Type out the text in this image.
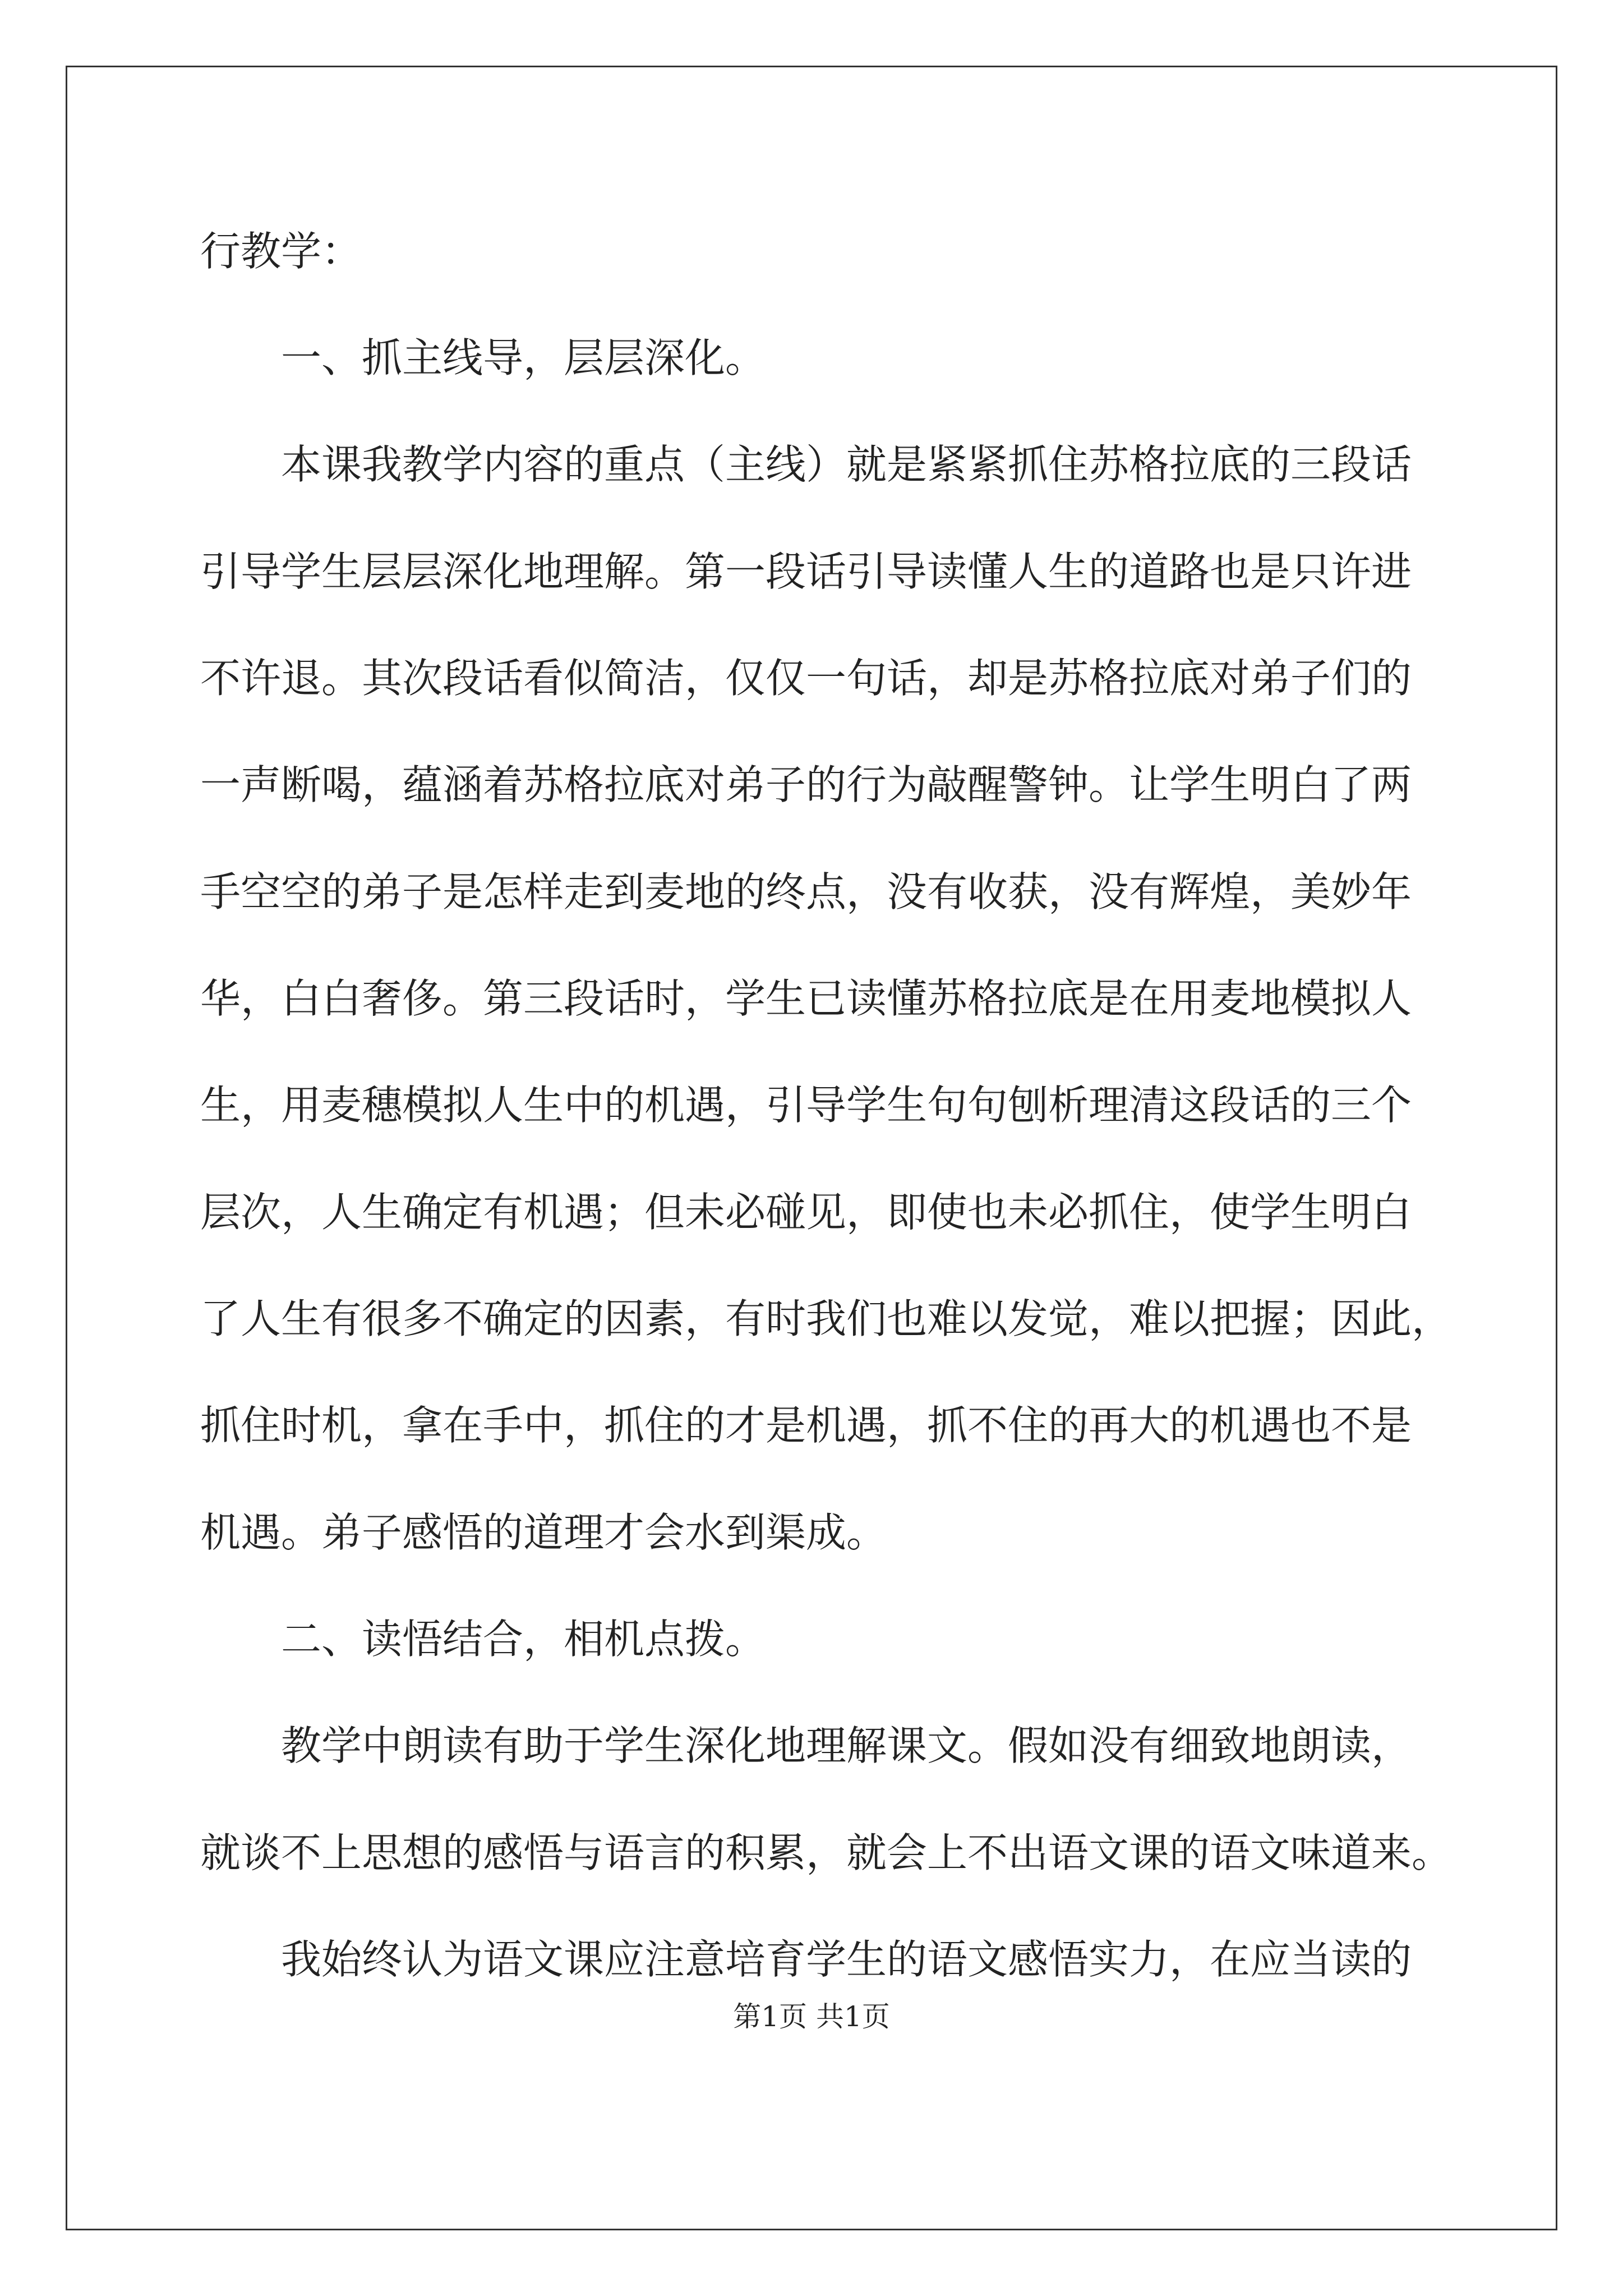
行教学：
一、抓主线导，层层深化。
本课我教学内容的重点（主线）就是紧紧抓住苏格拉底的三段话
引导学生层层深化地理解。第一段话引导读懂人生的道路也是只许进
不许退。其次段话看似简洁，仅仅一句话，却是苏格拉底对弟子们的
一声断喝，蕴涵着苏格拉底对弟子的行为敲醒警钟。让学生明白了两
手空空的弟子是怎样走到麦地的终点，没有收获，没有辉煌，美妙年
华，白白奢侈。第三段话时，学生已读懂苏格拉底是在用麦地模拟人
生，用麦穗模拟人生中的机遇，引导学生句句刨析理清这段话的三个
层次，人生确定有机遇；但未必碰见，即使也未必抓住，使学生明白
了人生有很多不确定的因素，有时我们也难以发觉，难以把握；因此，
抓住时机，拿在手中，抓住的才是机遇，抓不住的再大的机遇也不是
机遇。弟子感悟的道理才会水到渠成。
二、读悟结合，相机点拨。
教学中朗读有助于学生深化地理解课文。假如没有细致地朗读，
就谈不上思想的感悟与语言的积累，就会上不出语文课的语文味道来。
我始终认为语文课应注意培育学生的语文感悟实力，在应当读的
第1页 共1页
